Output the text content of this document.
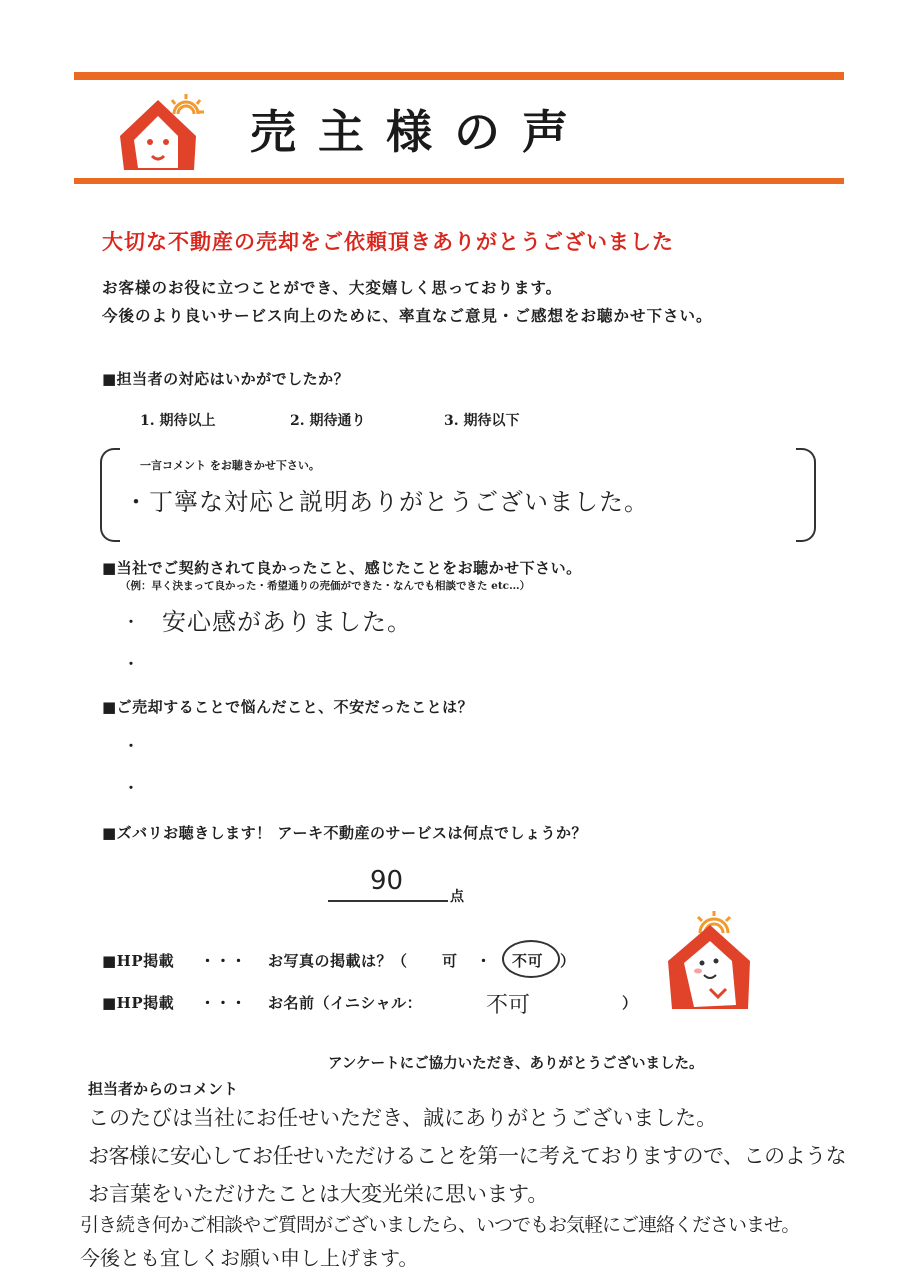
売主様の声
大切な不動産の売却をご依頼頂きありがとうございました
お客様のお役に立つことができ、大変嬉しく思っております。
今後のより良いサービス向上のために、率直なご意見・ご感想をお聴かせ下さい。
■担当者の対応はいかがでしたか？
1. 期待以上	2. 期待通り	3. 期待以下
一言コメント をお聴きかせ下さい。
・丁寧な対応と説明ありがとうございました。
■当社でご契約されて良かったこと、感じたことをお聴かせ下さい。
（例：早く決まって良かった・希望通りの売価ができた・なんでも相談できた etc…）
・ 安心感がありました。
・
■ご売却することで悩んだこと、不安だったことは？
・
・
■ズバリお聴きします！ アーキ不動産のサービスは何点でしょうか？
90
点
■HP掲載 ・・・ お写真の掲載は？（ 可 ・ 不可 ）
■HP掲載 ・・・ お名前（イニシャル：	不可	）
アンケートにご協力いただき、ありがとうございました。
担当者からのコメント
このたびは当社にお任せいただき、誠にありがとうございました。
お客様に安心してお任せいただけることを第一に考えておりますので、このような
お言葉をいただけたことは大変光栄に思います。
引き続き何かご相談やご質問がございましたら、いつでもお気軽にご連絡くださいませ。
今後とも宜しくお願い申し上げます。
